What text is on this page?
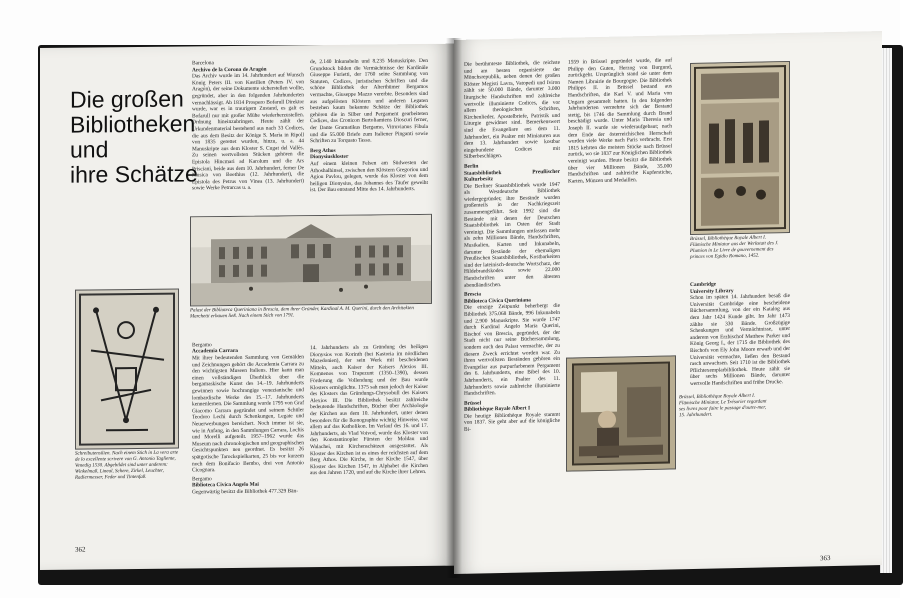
Die großen
Bibliotheken
und
ihre Schätze
Barcelona
Archivo de la Corona de Aragón

Das Archiv wurde im 14. Jahrhundert auf Wunsch König Peters III. von Kastilien (Peters IV. von Aragón), der seine Dokumente sicherstellen wollte, gegründet, aber in den folgenden Jahrhunderten vernachlässigt. Ab 1814 Prospero Bofarull Direktor wurde, war es in traurigem Zustand, es galt es Bofarull nur mit großer Mühe wiederherzustellen. Ordnung hineinzubringen. Heute zählt der Urkundenmaterial bestehend aus nach 33 Codices, die aus dem Besitz der Könige S. Marìa in Ripoll von 1835 gerettet wurden, hinzu, u. a. 44 Manuskripte aus dem Kloster S. Cugat del Vallès. Zu seinen wertvollsten Stücken gehören die Epistola Hincmari ad Karolum und die Ars Prisciani, beide aus dem 10. Jahrhundert, ferner De Musica von Boethius (12. Jahrhundert), die Epistola des Petrus von Vinea (13. Jahrhundert) sowie Werke Petrarcas u. a.

Bergamo
Accademia Carrara

Mit ihrer bedeutenden Sammlung von Gemälden und Zeichnungen gehört die Accademia Carrara zu den wichtigsten Museen Italiens. Hier kann man einen vollständigen Überblick über die bergamaskische Kunst des 14.–19. Jahrhunderts gewinnen sowie hochrangige venezianische und lombardische Werke des 15.–17. Jahrhunderts kennenlernen. Die Sammlung wurde 1795 von Graf Giacomo Carrara gegründet und seinem Schüler Teodoro Lechi durch Schenkungen, Legate und Neuerwerbungen bereichert. Noch immer ist sie, wie in Anfang, in den Sammlungen Carrara, Lochis und Morelli aufgeteilt. 1957–1962 wurde das Museum nach chronologischen und geographischen Gesichtspunkten neu geordnet. Es besitzt 26 spätgotische Tarockspielkarten, 25 bis vor kurzem noch dem Bonifacio Bembo, drei von Antonio Cicognara.

Bergamo
Biblioteca Civica Angelo Mai

Gegenwärtig besitzt die Bibliothek 477.329 Bän-

de, 2.140 Inkunabeln und 8.235 Manuskripte. Den Grundstock bilden die Vermächtnisse der Kardinäle Giuseppe Furietti, der 1760 seine Sammlung von Statuten, Codices, juristischen Schriften und die schöne Bibliothek der Alterthümer Bergamos vermachte, Giuseppe Mazzo vererbte. Besonders sind aus aufgelösten Klöstern und anderen Legaten bestehen kaum bekannte Schätze der Bibliothek gehören die in Silber und Pergament gearbeiteten Codices, das Cronicon Bertoliamiens Dioscuri ferner, der Dante Gramatikus Bergamo, Vitruvianus Fibula und die 55.000 Briefe zum Italiener Pinganti sowie Schriften zu Torquato Tasso.

Berg Athos
Dionysiuskloster

Auf einem kleinen Felsen am Südwesten der Athoshalbinsel, zwischen den Klöstern Gregoriou und Agiou Pavlou, gelegen, wurde das Kloster von dem heiligen Dionysius, das Johannes des Täufer geweiht ist. Der Bau entstand Mitte des 14. Jahrhunderts.

14. Jahrhunderts als zu Gründung des heiligen Dionysios von Korinth (bei Kastoria im nördlichen Mazedonien), der sein Werk mit bescheidenen Mitteln, auch Kaiser der Kaisers Alexios III. Komnenos von Trapezunt (1350–1390), dessen Förderung die Vollendung und der Bau wurde Klosters ermöglichte. 1375 sah man jedoch der Kaiser des Klosters das Gründungs-Chrysobull des Kaisers Alexios III. Die Bibliothek besitzt zahlreiche bedeutende Handschriften, Bücher über Archäologie der Kirchen aus dem 10. Jahrhundert, unter denen besonders für die Ikonographie wichtig Hinweise, vor allem auf das Katholikon. Im Verlauf des 16. und 17. Jahrhunderts, als Vlad Voivod, wurde das Kloster von den Konstantinopler Fürsten der Moldau und Walachei, mit Kirchenschätzen ausgestattet. Als Kloster des Kirchen ist es eines der reichsten auf dem Berg Athos. Die Kirche, in der Kirche 1547, über Kloster des Kirchen 1547, in Alphabet die Kirchen aus den Jahren 1720, und auf die Kirche ihrer Lehren.

Palast der Biblioteca Queriniana in Brescia, dem ihrer Gründer, Kardinal A. M. Querini, durch den Architekten Marchetti erbauen ließ. Nach einem Stich von 1791.
Schreibutensilien. Nach einem Stich in La vera arte de lo excellente scrivere von G. Antonio Tagliente, Venedig 1530. Abgebildet sind unter anderem: Winkelmaß, Lineal, Schere, Zirkel, Leuchter, Radiermesser, Feder und Tintenfaß.
362

Die berühmteste Bibliothek, die reichste und am besten organisierte der Mönchsrepublik, neben denen der großen Klöster Megisti Lavra, Vatopedi und Iviron zählt sie 50.000 Bände, darunter 3.000 liturgische Handschriften und zahlreiche wertvolle illuminierte Codices, die vor allem theologischen Schriften, Kirchenlieder, Apostelbriefe, Patristik und Liturgie gewidmet sind. Bemerkenswert sind die Evangeliare aus dem 11. Jahrhundert, ein Psalter mit Miniaturen aus dem 13. Jahrhundert sowie kostbar eingebundene Codices mit Silberbeschlägen.

Berlin
Staatsbibliothek Preußischer Kulturbesitz

Die Berliner Staatsbibliothek wurde 1947 als Westdeutsche Bibliothek wiedergegründet; ihre Bestände wurden großenteils in der Nachkriegszeit zusammengeführt. Seit 1992 sind die Bestände mit denen der Deutschen Staatsbibliothek im Osten der Stadt vereinigt. Die Sammlungen umfassen mehr als zehn Millionen Bände, Handschriften, Musikalien, Karten und Inkunabeln, darunter Bestände der ehemaligen Preußischen Staatsbibliothek, Kostbarkeiten sind der lateinisch-deutsche Wortschatz, der Hildebrandskodex sowie 22.000 Handschriften unter den ältesten abendländischen.

Brescia
Biblioteca Civica Queriniana

Die einzige Zeitpunkt beherbergt die Bibliothek 375.068 Bände, 996 Inkunabeln und 2.900 Manuskripte. Sie wurde 1747 durch Kardinal Angelo Maria Querini, Bischof von Brescia, gegründet, der der Stadt nicht nur seine Büchersammlung, sondern auch den Palast vermachte, der zu diesem Zweck errichtet worden war. Zu ihren wertvollsten Beständen gehören ein Evangeliar aus purpurfarbenem Pergament des 6. Jahrhunderts, eine Bibel des 10. Jahrhunderts, ein Psalter des 11. Jahrhunderts sowie zahlreiche illuminierte Handschriften.

Brüssel
Bibliothèque Royale Albert I

Die heutige Bibliothèque Royale stammt von 1837. Sie geht aber auf die königliche Bi-

1559 in Brüssel gegründet wurde, die auf Philipp den Guten, Herzog von Burgund, zurückgeht. Ursprünglich stand sie unter dem Namen Librairie de Bourgogne. Die Bibliothek Philipps II. in Brüssel bestand aus Handschriften, die Karl V. und Maria von Ungarn gesammelt hatten. In den folgenden Jahrhunderten vermehrte sich der Bestand stetig, bis 1746 die Sammlung durch Brand beschädigt wurde. Unter Maria Theresia und Joseph II. wurde sie wiederaufgebaut; nach dem Ende der österreichischen Herrschaft wurden viele Werke nach Paris verbracht. Erst 1815 kehrten die meisten Stücke nach Brüssel zurück, wo sie 1837 zur Königlichen Bibliothek vereinigt wurden. Heute besitzt die Bibliothek über vier Millionen Bände, 35.000 Handschriften und zahlreiche Kupferstiche, Karten, Münzen und Medaillen.

Brüssel, Bibliothèque Royale Albert I. Flämische Miniatur, Le Trésorier regardant ses livres pour faire le passage d'outre-mer, 15. Jahrhundert.
Brüssel, Bibliothèque Royale Albert I. Flämische Miniatur aus der Werkstatt des J. Plumion in Le Livre de gouvernement des princes von Egidio Romano, 1452.
Cambridge
University Library

Schon im späten 14. Jahrhundert besaß die Universität Cambridge eine bescheidene Büchersammlung, von der ein Katalog aus dem Jahr 1424 Kunde gibt. Im Jahr 1473 zählte sie 330 Bände. Großzügige Schenkungen und Vermächtnisse, unter anderem von Erzbischof Matthew Parker und König Georg I., der 1715 die Bibliothek des Bischofs von Ely John Moore erwarb und der Universität vermachte, ließen den Bestand rasch anwachsen. Seit 1710 ist die Bibliothek Pflichtexemplarbibliothek. Heute zählt sie über sechs Millionen Bände, darunter wertvolle Handschriften und frühe Drucke.

363
